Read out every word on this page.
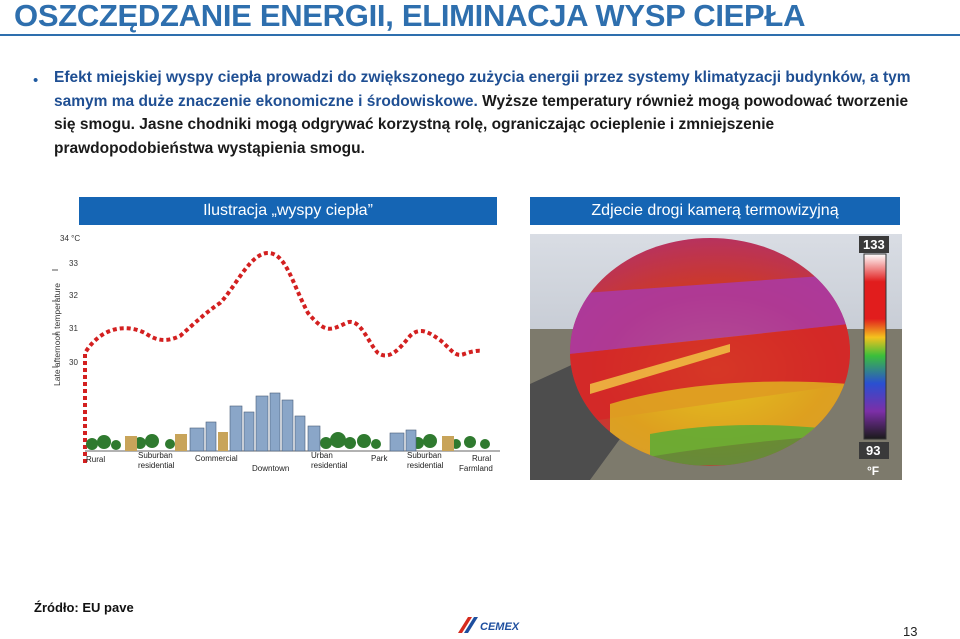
OSZCZĘDZANIE ENERGII, ELIMINACJA WYSP CIEPŁA
• Efekt miejskiej wyspy ciepła prowadzi do zwiększonego zużycia energii przez systemy klimatyzacji budynków, a tym samym ma duże znaczenie ekonomiczne i środowiskowe. Wyższe temperatury również mogą powodować tworzenie się smogu. Jasne chodniki mogą odgrywać korzystną rolę, ograniczając ocieplenie i zmniejszenie prawdopodobieństwa wystąpienia smogu.
Ilustracja „wyspy ciepła”	Zdjecie drogi kamerą termowizyjną
Late afternoon temperature
34 °C
33
32
31
30
Rural	Suburban residential
Commercial
Downtown
Urban residential
Park Suburban residential
Rural Farmland
133
93
°F
Źródło: EU pave
CEMEX	13
